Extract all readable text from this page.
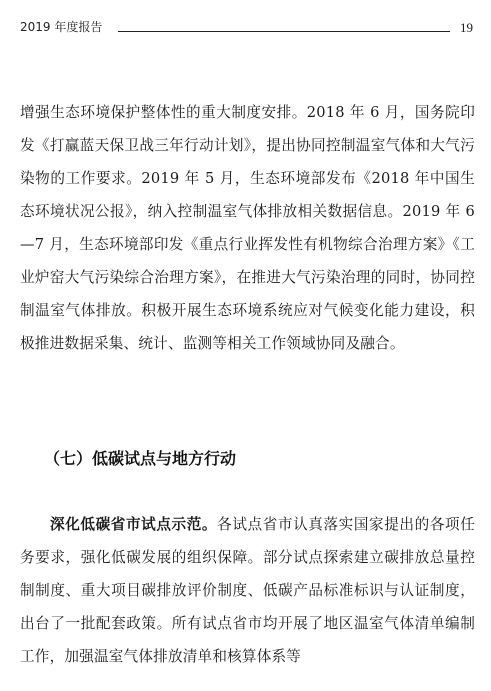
2019 年度报告	19
增强生态环境保护整体性的重大制度安排。2018 年 6 月，国务院印发《打赢蓝天保卫战三年行动计划》，提出协同控制温室气体和大气污染物的工作要求。2019 年 5 月，生态环境部发布《2018 年中国生态环境状况公报》，纳入控制温室气体排放相关数据信息。2019 年 6—7 月，生态环境部印发《重点行业挥发性有机物综合治理方案》《工业炉窑大气污染综合治理方案》，在推进大气污染治理的同时，协同控制温室气体排放。积极开展生态环境系统应对气候变化能力建设，积极推进数据采集、统计、监测等相关工作领域协同及融合。
（七）低碳试点与地方行动
深化低碳省市试点示范。各试点省市认真落实国家提出的各项任务要求，强化低碳发展的组织保障。部分试点探索建立碳排放总量控制制度、重大项目碳排放评价制度、低碳产品标准标识与认证制度，出台了一批配套政策。所有试点省市均开展了地区温室气体清单编制工作，加强温室气体排放清单和核算体系等
